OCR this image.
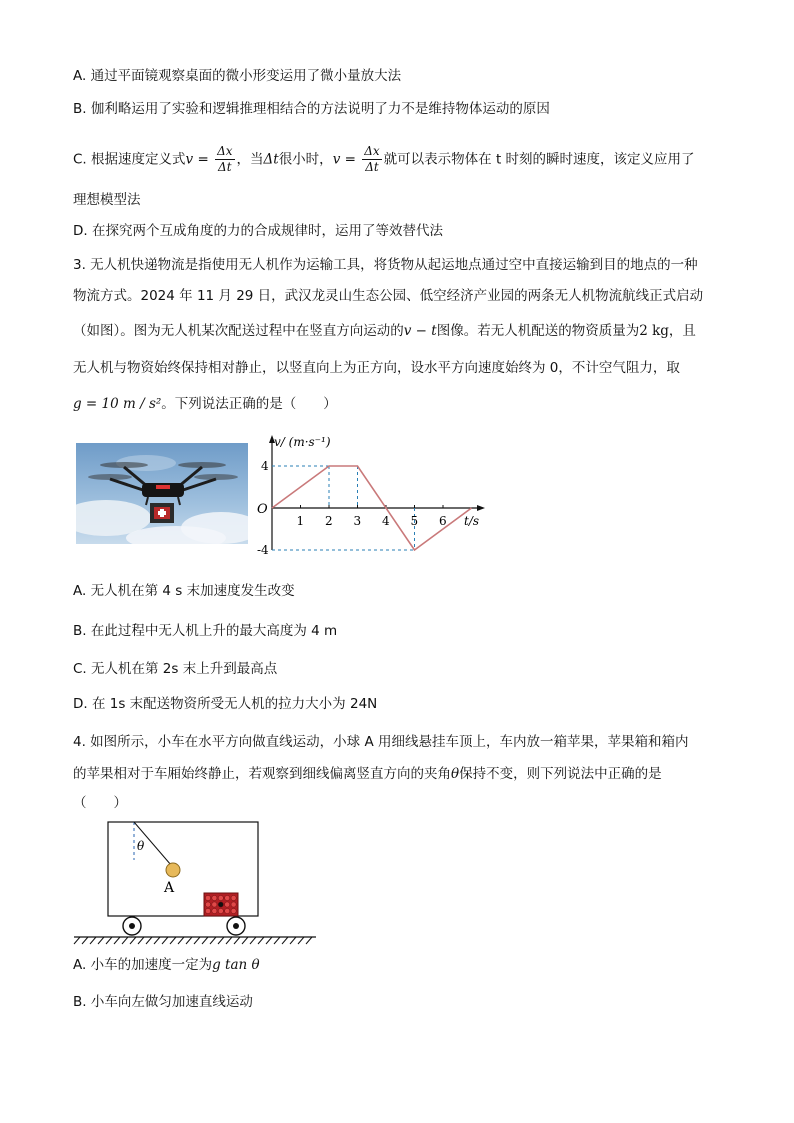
A. 通过平面镜观察桌面的微小形变运用了微小量放大法
B. 伽利略运用了实验和逻辑推理相结合的方法说明了力不是维持物体运动的原因
C. 根据速度定义式$v = \frac{\Delta x}{\Delta t}$ ，当Δt很小时，$v = \frac{\Delta x}{\Delta t}$ 就可以表示物体在 t 时刻的瞬时速度，该定义应用了
理想模型法
D. 在探究两个互成角度的力的合成规律时，运用了等效替代法
3. 无人机快递物流是指使用无人机作为运输工具，将货物从起运地点通过空中直接运输到目的地点的一种
物流方式。2024 年 11 月 29 日，武汉龙灵山生态公园、低空经济产业园的两条无人机物流航线正式启动
（如图）。图为无人机某次配送过程中在竖直方向运动的v − t图像。若无人机配送的物资质量为2 kg，且
无人机与物资始终保持相对静止，以竖直向上为正方向，设水平方向速度始终为 0，不计空气阻力，取
g = 10 m / s²。下列说法正确的是（　　）
1 2 3 4 5 6
4
-4
v/ (m·s⁻¹)
t/s
O
A. 无人机在第 4 s 末加速度发生改变
B. 在此过程中无人机上升的最大高度为 4 m
C. 无人机在第 2s 末上升到最高点
D. 在 1s 末配送物资所受无人机的拉力大小为 24N
4. 如图所示，小车在水平方向做直线运动，小球 A 用细线悬挂车顶上，车内放一箱苹果，苹果箱和箱内
的苹果相对于车厢始终静止，若观察到细线偏离竖直方向的夹角θ保持不变，则下列说法中正确的是
（　　）
θ
A
A. 小车的加速度一定为g tan θ
B. 小车向左做匀加速直线运动
